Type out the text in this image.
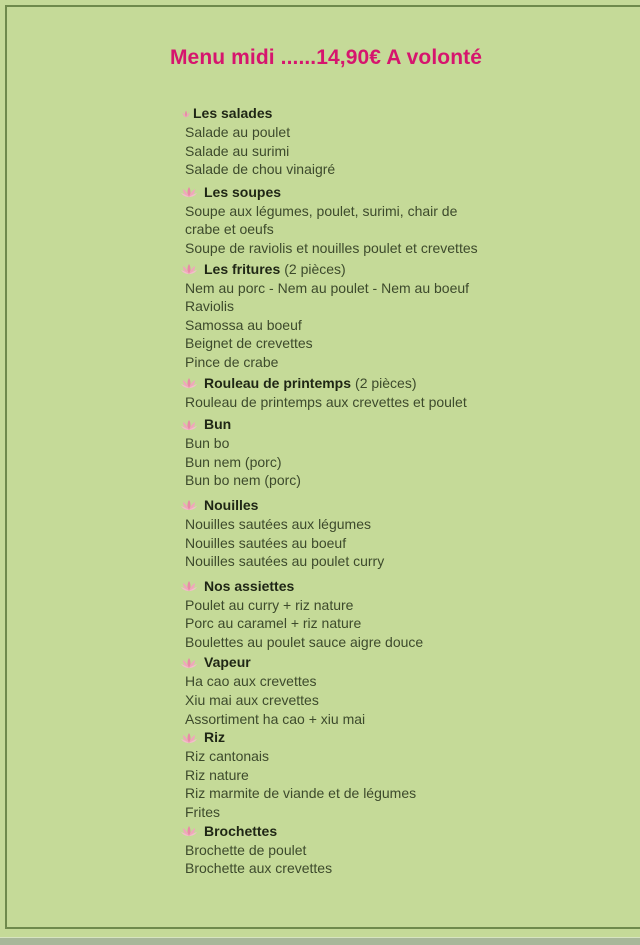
Menu midi ......14,90€ A volonté
Les salades
Salade au poulet
Salade au surimi
Salade de chou vinaigré
Les soupes
Soupe aux légumes, poulet, surimi, chair de crabe et oeufs
Soupe de raviolis et nouilles poulet et crevettes
Les fritures (2 pièces)
Nem au porc - Nem au poulet - Nem au boeuf
Raviolis
Samossa au boeuf
Beignet de crevettes
Pince de crabe
Rouleau de printemps (2 pièces)
Rouleau de printemps aux crevettes et poulet
Bun
Bun bo
Bun nem (porc)
Bun bo nem (porc)
Nouilles
Nouilles sautées aux légumes
Nouilles sautées au boeuf
Nouilles sautées au poulet curry
Nos assiettes
Poulet au curry + riz nature
Porc au caramel + riz nature
Boulettes au poulet sauce aigre douce
Vapeur
Ha cao aux crevettes
Xiu mai aux crevettes
Assortiment ha cao + xiu mai
Riz
Riz cantonais
Riz nature
Riz marmite de viande et de légumes
Frites
Brochettes
Brochette de poulet
Brochette aux crevettes
